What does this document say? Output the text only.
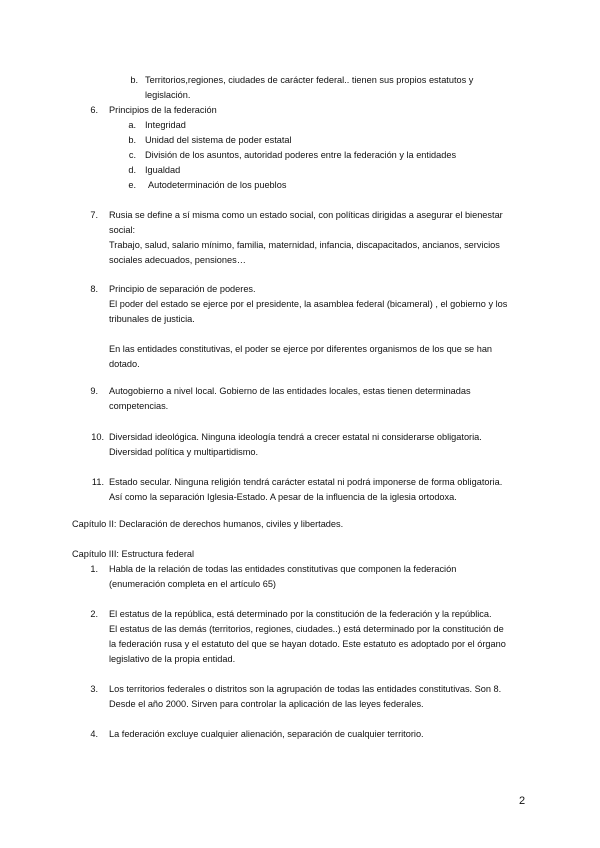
b. Territorios,regiones, ciudades de carácter federal.. tienen sus propios estatutos y
legislación.
6. Principios de la federación
a. Integridad
b. Unidad del sistema de poder estatal
c. División de los asuntos, autoridad poderes entre la federación y la entidades
d. Igualdad
e. Autodeterminación de los pueblos
7. Rusia se define a sí misma como un estado social, con políticas dirigidas a asegurar el bienestar
social:
Trabajo, salud, salario mínimo, familia, maternidad, infancia, discapacitados, ancianos, servicios
sociales adecuados, pensiones…
8. Principio de separación de poderes.
El poder del estado se ejerce por el presidente, la asamblea federal (bicameral) , el gobierno y los
tribunales de justicia.
En las entidades constitutivas, el poder se ejerce por diferentes organismos de los que se han
dotado.
9. Autogobierno a nivel local. Gobierno de las entidades locales, estas tienen determinadas
competencias.
10. Diversidad ideológica. Ninguna ideología tendrá a crecer estatal ni considerarse obligatoria.
Diversidad política y multipartidismo.
11. Estado secular. Ninguna religión tendrá carácter estatal ni podrá imponerse de forma obligatoria.
Así como la separación Iglesia-Estado. A pesar de la influencia de la iglesia ortodoxa.
Capítulo II: Declaración de derechos humanos, civiles y libertades.
Capítulo III: Estructura federal
1. Habla de la relación de todas las entidades constitutivas que componen la federación
(enumeración completa en el artículo 65)
2. El estatus de la república, está determinado por la constitución de la federación y la república.
El estatus de las demás (territorios, regiones, ciudades..) está determinado por la constitución de
la federación rusa y el estatuto del que se hayan dotado. Este estatuto es adoptado por el órgano
legislativo de la propia entidad.
3. Los territorios federales o distritos son la agrupación de todas las entidades constitutivas. Son 8.
Desde el año 2000. Sirven para controlar la aplicación de las leyes federales.
4. La federación excluye cualquier alienación, separación de cualquier territorio.
2
